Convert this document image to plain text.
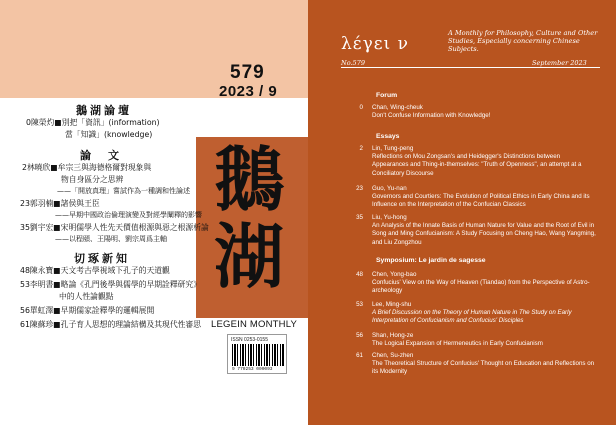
579
2023 / 9
鵝
湖
LEGEIN MONTHLY
ISSN 0253-0155
9 770253 000093
鵝湖論壇
0陳榮灼■別把「資訊」(information)
　　　　　當「知識」(knowledge)
論　文
2林曉欣■牟宗三與海德格爾對現象與
　　　　　物自身區分之思辨
　　　　　——「開放真理」嘗試作為一種調和性論述
23郭羽楠■諸侯與王臣
　　　　　——早期中國政治倫理演變及對經學闡釋的影響
35劉宇宏■宋明儒學人性先天價值根源與惡之根源析論
　　　　　——以程頤、王陽明、劉宗周爲主軸
切琢新知
48陳永寶■天文考古學視域下孔子的天道觀
53李明書■略論《孔門後學與儒學的早期詮釋研究》
　　　　　中的人性論觀點
56單虹澤■早期儒家詮釋學的邏輯展開
61陳蘇珍■孔子育人思想的理論結構及其現代性審思
λέγει ν
A Monthly for Philosophy, Culture and Other Studies, Especially concerning Chinese Subjects.
No.579	September 2023
Forum
0 Chan, Wing-cheuk
Don't Confuse Information with Knowledge!
Essays
2 Lin, Tung-peng
Reflections on Mou Zongsan's and Heidegger's Distinctions between
Appearances and Thing-in-themselves: "Truth of Openness", an attempt at a
Conciliatory Discourse
23 Guo, Yu-nan
Governors and Courtiers: The Evolution of Political Ethics in Early China and its
Influence on the Interpretation of the Confucian Classics
35 Liu, Yu-hong
An Analysis of the Innate Basis of Human Nature for Value and the Root of Evil in
Song and Ming Confucianism: A Study Focusing on Cheng Hao, Wang Yangming,
and Liu Zongzhou
Symposium: Le jardin de sagesse
48 Chen, Yong-bao
Confucius' View on the Way of Heaven (Tiandao) from the Perspective of Astro-
archeology
53 Lee, Ming-shu
A Brief Discussion on the Theory of Human Nature in The Study on Early
Interpretation of Confucianism and Confucius' Disciples
56 Shan, Hong-ze
The Logical Expansion of Hermeneutics in Early Confucianism
61 Chen, Su-zhen
The Theoretical Structure of Confucius' Thought on Education and Reflections on
its Modernity
